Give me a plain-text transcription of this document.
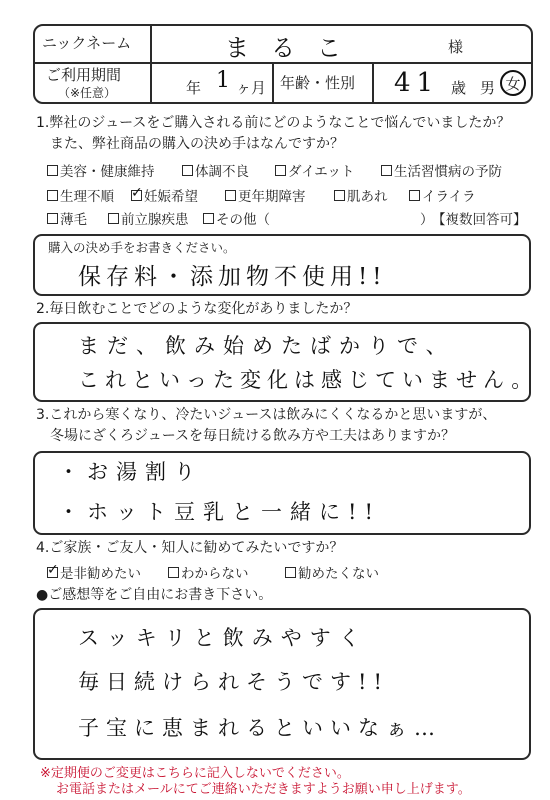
ニックネーム	まるこ	様
ご利用期間
（※任意）	年 1 ヶ月 年齢・性別 41 歳 男 女
1.弊社のジュースをご購入される前にどのようなことで悩んでいましたか？
また、弊社商品の購入の決め手はなんですか？
美容・健康維持	体調不良	ダイエット	生活習慣病の予防
生理不順
✓ 妊娠希望	更年期障害	肌あれ	イライラ
薄毛	前立腺疾患 その他（	）
【複数回答可】
購入の決め手をお書きください。
保存料・添加物不使用!!
2.毎日飲むことでどのような変化がありましたか？
まだ、飲み始めたばかりで、
これといった変化は感じていません。
3.これから寒くなり、冷たいジュースは飲みにくくなるかと思いますが、
冬場にざくろジュースを毎日続ける飲み方や工夫はありますか？
・お湯割り
・ホット豆乳と一緒に!!
4.ご家族・ご友人・知人に勧めてみたいですか？
✓
是非勧めたい	わからない	勧めたくない
●ご感想等をご自由にお書き下さい。
スッキリと飲みやすく
毎日続けられそうです!!
子宝に恵まれるといいなぁ…
※定期便のご変更はこちらに記入しないでください。
お電話またはメールにてご連絡いただきますようお願い申し上げます。
